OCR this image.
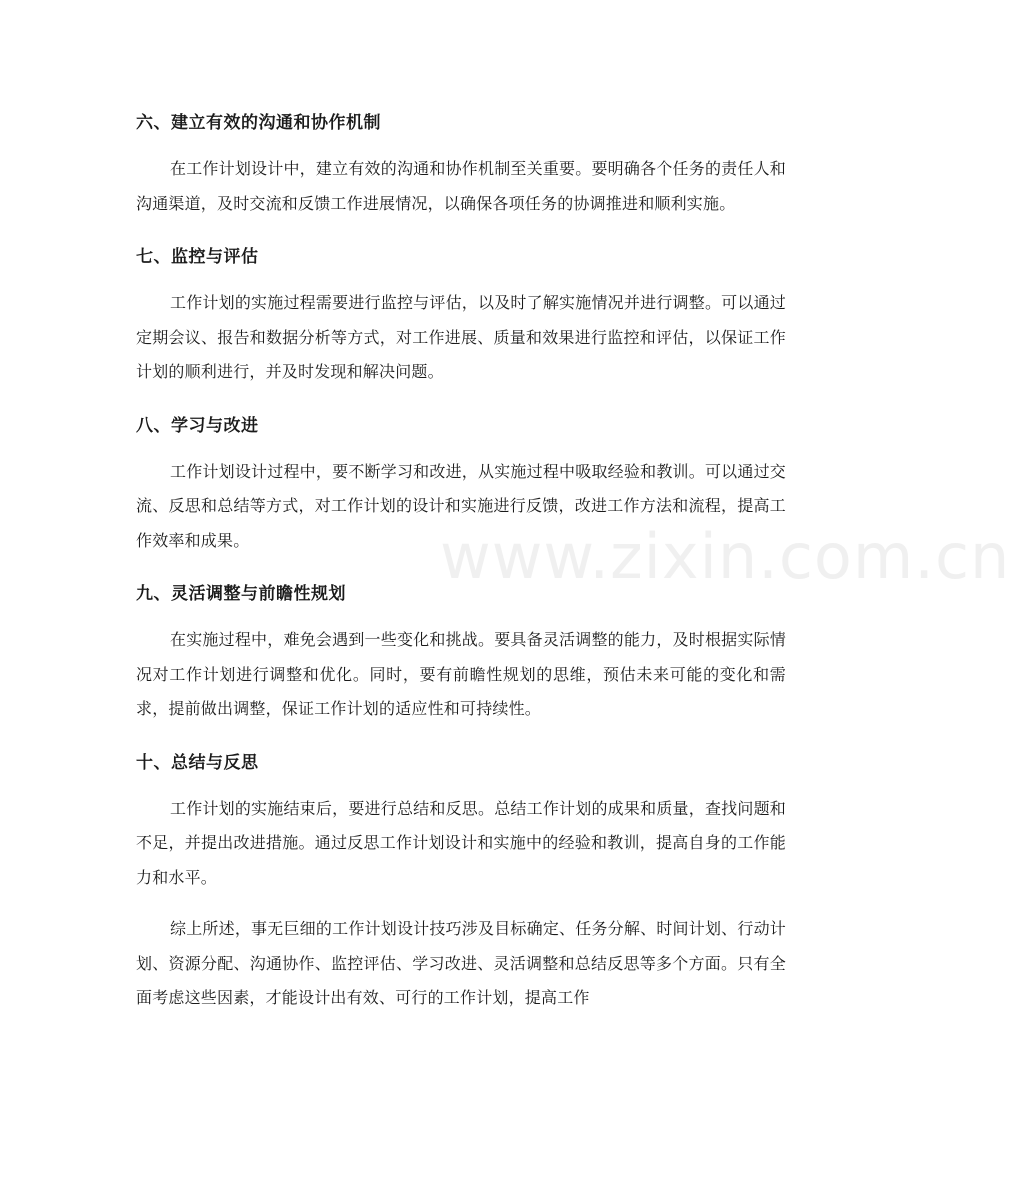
六、建立有效的沟通和协作机制

在工作计划设计中，建立有效的沟通和协作机制至关重要。要明确各个任务的责任人和沟通渠道，及时交流和反馈工作进展情况，以确保各项任务的协调推进和顺利实施。

七、监控与评估

工作计划的实施过程需要进行监控与评估，以及时了解实施情况并进行调整。可以通过定期会议、报告和数据分析等方式，对工作进展、质量和效果进行监控和评估，以保证工作计划的顺利进行，并及时发现和解决问题。

八、学习与改进

工作计划设计过程中，要不断学习和改进，从实施过程中吸取经验和教训。可以通过交流、反思和总结等方式，对工作计划的设计和实施进行反馈，改进工作方法和流程，提高工作效率和成果。

九、灵活调整与前瞻性规划

在实施过程中，难免会遇到一些变化和挑战。要具备灵活调整的能力，及时根据实际情况对工作计划进行调整和优化。同时，要有前瞻性规划的思维，预估未来可能的变化和需求，提前做出调整，保证工作计划的适应性和可持续性。

十、总结与反思

工作计划的实施结束后，要进行总结和反思。总结工作计划的成果和质量，查找问题和不足，并提出改进措施。通过反思工作计划设计和实施中的经验和教训，提高自身的工作能力和水平。

综上所述，事无巨细的工作计划设计技巧涉及目标确定、任务分解、时间计划、行动计划、资源分配、沟通协作、监控评估、学习改进、灵活调整和总结反思等多个方面。只有全面考虑这些因素，才能设计出有效、可行的工作计划，提高工作

www.zixin.com.cn
